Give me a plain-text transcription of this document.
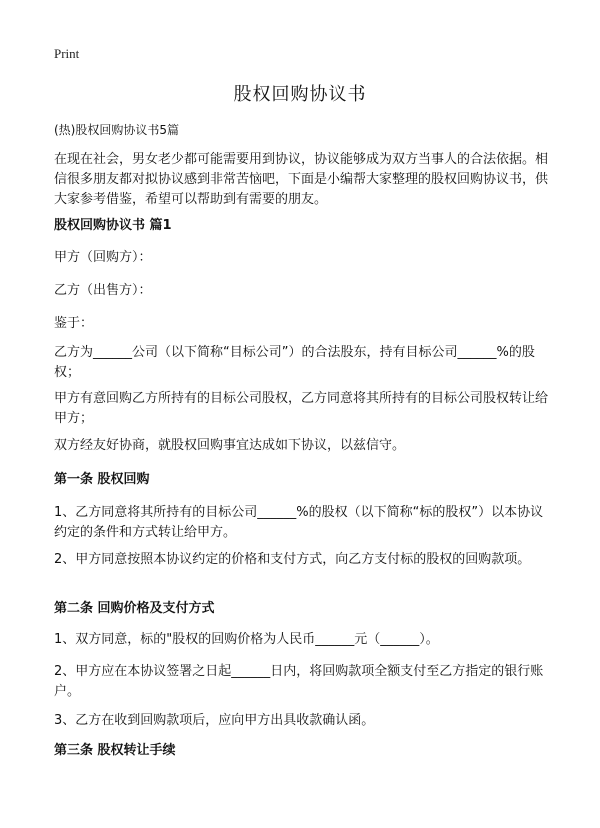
Print
股权回购协议书

(热)股权回购协议书5篇

在现在社会，男女老少都可能需要用到协议，协议能够成为双方当事人的合法依据。相信很多朋友都对拟协议感到非常苦恼吧，下面是小编帮大家整理的股权回购协议书，供大家参考借鉴，希望可以帮助到有需要的朋友。

股权回购协议书 篇1

甲方（回购方）：

乙方（出售方）：

鉴于：

乙方为______公司（以下简称“目标公司”）的合法股东，持有目标公司______%的股权；

甲方有意回购乙方所持有的目标公司股权，乙方同意将其所持有的目标公司股权转让给甲方；

双方经友好协商，就股权回购事宜达成如下协议，以兹信守。

第一条 股权回购

1、乙方同意将其所持有的目标公司______%的股权（以下简称“标的股权”）以本协议约定的条件和方式转让给甲方。

2、甲方同意按照本协议约定的价格和支付方式，向乙方支付标的股权的回购款项。

第二条 回购价格及支付方式

1、双方同意，标的"股权的回购价格为人民币______元（______）。

2、甲方应在本协议签署之日起______日内，将回购款项全额支付至乙方指定的银行账户。

3、乙方在收到回购款项后，应向甲方出具收款确认函。

第三条 股权转让手续
